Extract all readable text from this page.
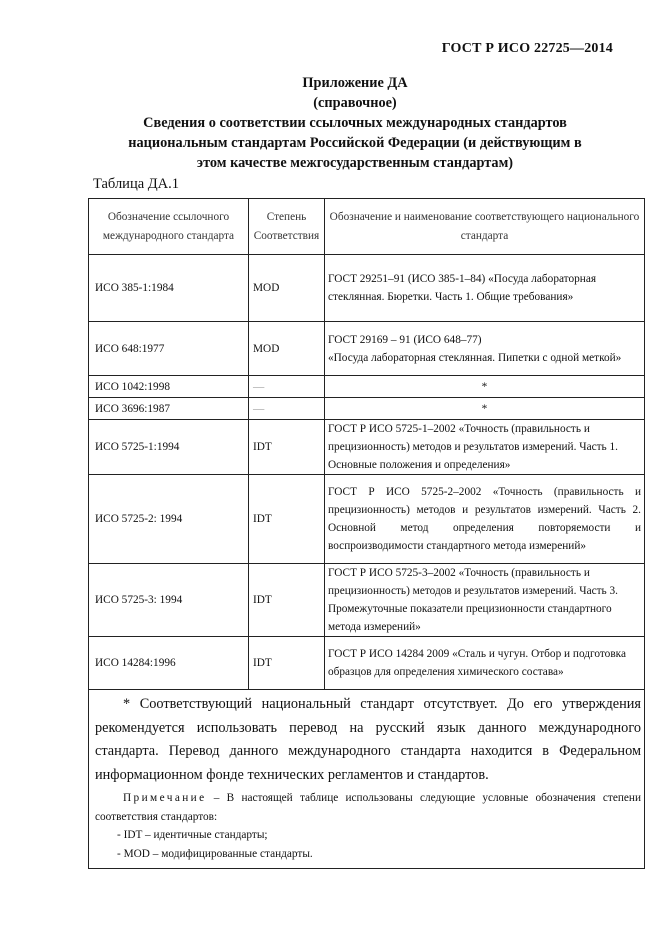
ГОСТ Р ИСО 22725—2014
Приложение ДА
(справочное)
Сведения о соответствии ссылочных международных стандартов
национальным стандартам Российской Федерации (и действующим в
этом качестве межгосударственным стандартам)
Таблица ДА.1
Обозначение ссылочного международного стандарта	Степень Соответствия	Обозначение и наименование соответствующего национального стандарта
ИСО 385-1:1984	MOD	ГОСТ 29251–91 (ИСО 385-1–84) «Посуда лабораторная стеклянная. Бюретки. Часть 1. Общие требования»
ИСО 648:1977	MOD	ГОСТ 29169 – 91 (ИСО 648–77)
«Посуда лабораторная стеклянная. Пипетки с одной меткой»

ИСО 1042:1998	—	*
ИСО 3696:1987	—	*
ИСО 5725-1:1994	IDT	ГОСТ Р ИСО 5725-1–2002 «Точность (правильность и прецизионность) методов и результатов измерений. Часть 1. Основные положения и определения»
ИСО 5725-2: 1994	IDT	ГОСТ Р ИСО 5725-2–2002 «Точность (правильность и прецизионность) методов и результатов измерений. Часть 2. Основной метод определения повторяемости и воспроизводимости стандартного метода измерений»
ИСО 5725-3: 1994	IDT	ГОСТ Р ИСО 5725-3–2002 «Точность (правильность и прецизионность) методов и результатов измерений. Часть 3. Промежуточные показатели прецизионности стандартного метода измерений»
ИСО 14284:1996	IDT	ГОСТ Р ИСО 14284 2009 «Сталь и чугун. Отбор и подготовка образцов для определения химического состава»

* Соответствующий национальный стандарт отсутствует. До его утверждения рекомендуется использовать перевод на русский язык данного международного стандарта. Перевод данного международного стандарта находится в Федеральном информационном фонде технических регламентов и стандартов.
Примечание – В настоящей таблице использованы следующие условные обозначения степени соответствия стандартов:
- IDT – идентичные стандарты;
- MOD – модифицированные стандарты.		
